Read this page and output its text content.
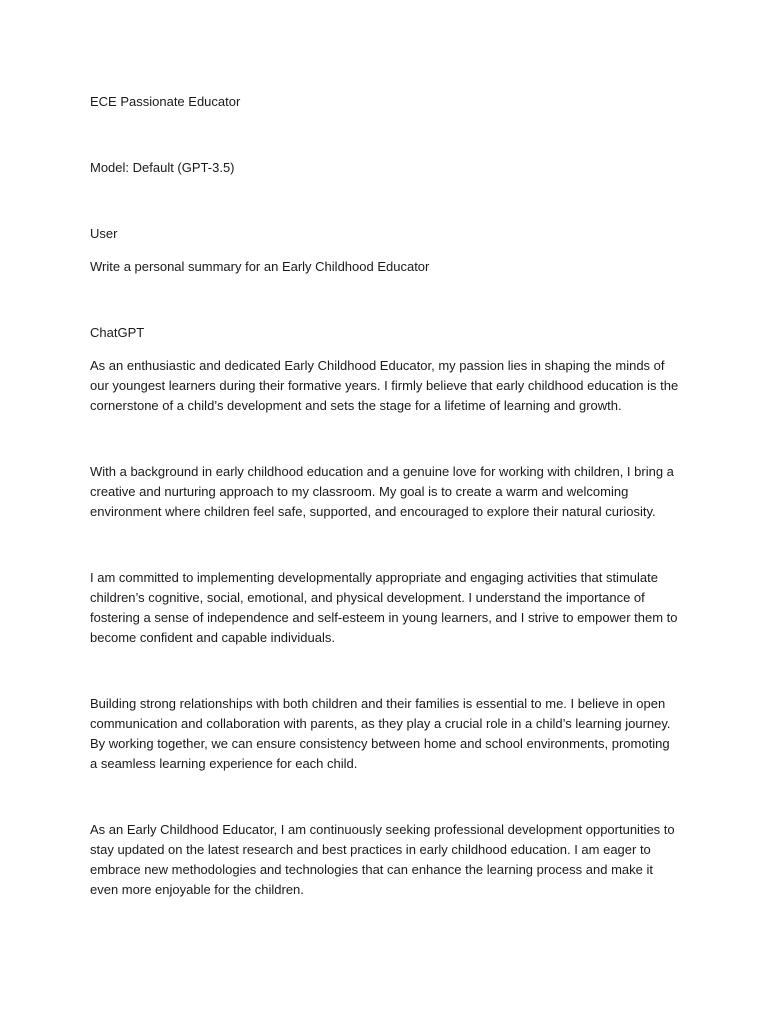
ECE Passionate Educator

Model: Default (GPT-3.5)

User

Write a personal summary for an Early Childhood Educator

ChatGPT

As an enthusiastic and dedicated Early Childhood Educator, my passion lies in shaping the minds of our youngest learners during their formative years. I firmly believe that early childhood education is the cornerstone of a child’s development and sets the stage for a lifetime of learning and growth.

With a background in early childhood education and a genuine love for working with children, I bring a creative and nurturing approach to my classroom. My goal is to create a warm and welcoming environment where children feel safe, supported, and encouraged to explore their natural curiosity.

I am committed to implementing developmentally appropriate and engaging activities that stimulate children’s cognitive, social, emotional, and physical development. I understand the importance of fostering a sense of independence and self-esteem in young learners, and I strive to empower them to become confident and capable individuals.

Building strong relationships with both children and their families is essential to me. I believe in open communication and collaboration with parents, as they play a crucial role in a child’s learning journey. By working together, we can ensure consistency between home and school environments, promoting a seamless learning experience for each child.

As an Early Childhood Educator, I am continuously seeking professional development opportunities to stay updated on the latest research and best practices in early childhood education. I am eager to embrace new methodologies and technologies that can enhance the learning process and make it even more enjoyable for the children.
